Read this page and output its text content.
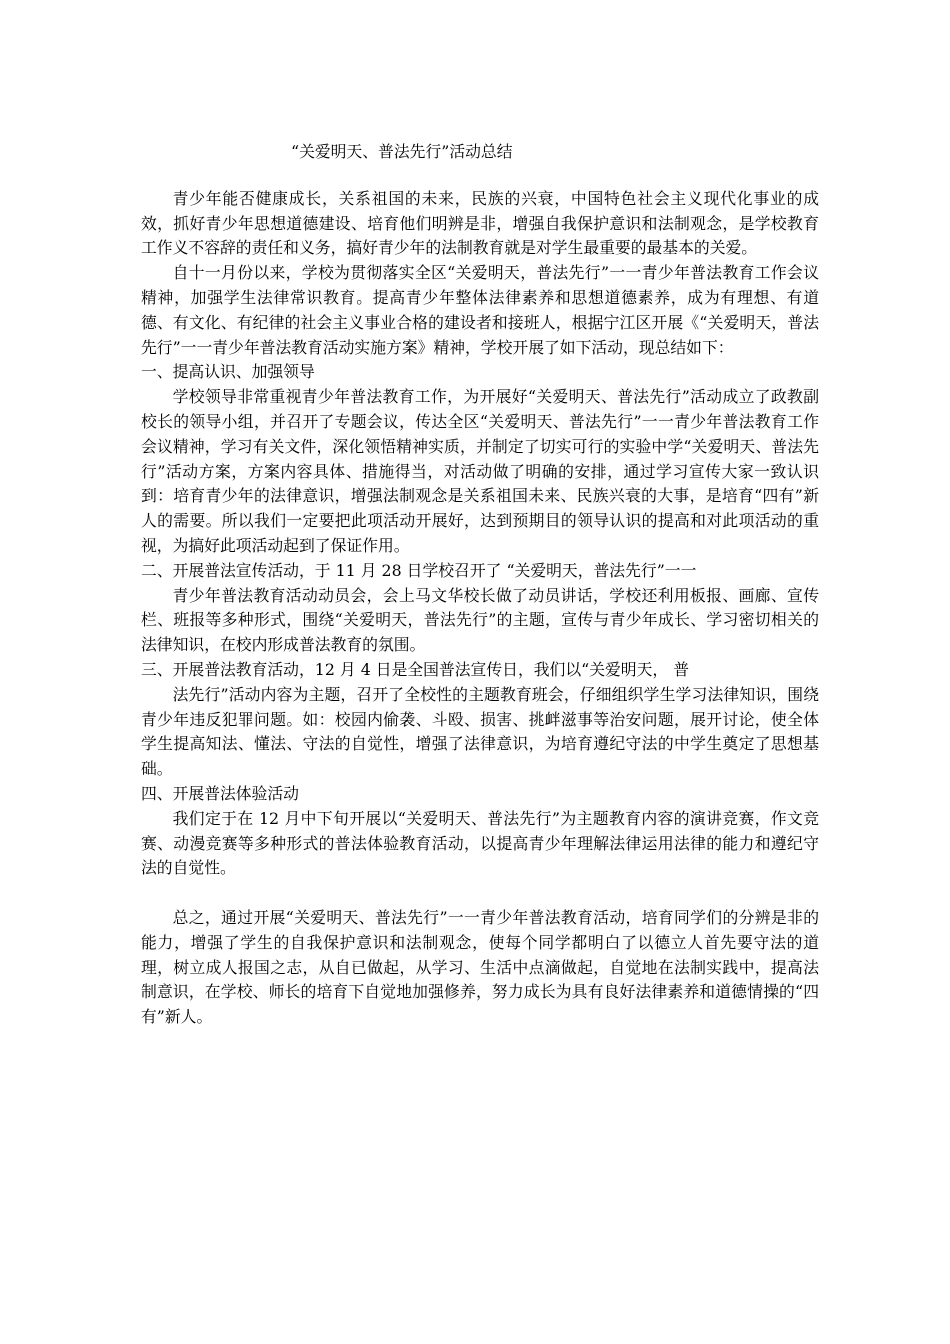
“关爱明天、普法先行”活动总结

青少年能否健康成长，关系祖国的未来，民族的兴衰，中国特色社会主义现代化事业的成效，抓好青少年思想道德建设、培育他们明辨是非，增强自我保护意识和法制观念，是学校教育工作义不容辞的责任和义务，搞好青少年的法制教育就是对学生最重要的最基本的关爱。

自十一月份以来，学校为贯彻落实全区“关爱明天，普法先行”一一青少年普法教育工作会议精神，加强学生法律常识教育。提高青少年整体法律素养和思想道德素养，成为有理想、有道德、有文化、有纪律的社会主义事业合格的建设者和接班人，根据宁江区开展《“关爱明天，普法先行”一一青少年普法教育活动实施方案》精神，学校开展了如下活动，现总结如下：

一、提高认识、加强领导

学校领导非常重视青少年普法教育工作，为开展好“关爱明天、普法先行”活动成立了政教副校长的领导小组，并召开了专题会议，传达全区“关爱明天、普法先行”一一青少年普法教育工作会议精神，学习有关文件，深化领悟精神实质，并制定了切实可行的实验中学“关爱明天、普法先行”活动方案，方案内容具体、措施得当，对活动做了明确的安排，通过学习宣传大家一致认识到：培育青少年的法律意识，增强法制观念是关系祖国未来、民族兴衰的大事，是培育“四有”新人的需要。所以我们一定要把此项活动开展好，达到预期目的领导认识的提高和对此项活动的重视，为搞好此项活动起到了保证作用。

二、开展普法宣传活动，于 11 月 28 日学校召开了 “关爱明天，普法先行”一一

青少年普法教育活动动员会，会上马文华校长做了动员讲话，学校还利用板报、画廊、宣传栏、班报等多种形式，围绕“关爱明天，普法先行”的主题，宣传与青少年成长、学习密切相关的法律知识，在校内形成普法教育的氛围。

三、开展普法教育活动，12 月 4 日是全国普法宣传日，我们以“关爱明天， 普

法先行”活动内容为主题，召开了全校性的主题教育班会，仔细组织学生学习法律知识，围绕青少年违反犯罪问题。如：校园内偷袭、斗殴、损害、挑衅滋事等治安问题，展开讨论，使全体学生提高知法、懂法、守法的自觉性，增强了法律意识，为培育遵纪守法的中学生奠定了思想基础。

四、开展普法体验活动

我们定于在 12 月中下旬开展以“关爱明天、普法先行”为主题教育内容的演讲竞赛，作文竞赛、动漫竞赛等多种形式的普法体验教育活动，以提高青少年理解法律运用法律的能力和遵纪守法的自觉性。

总之，通过开展“关爱明天、普法先行”一一青少年普法教育活动，培育同学们的分辨是非的能力，增强了学生的自我保护意识和法制观念，使每个同学都明白了以德立人首先要守法的道理，树立成人报国之志，从自已做起，从学习、生活中点滴做起，自觉地在法制实践中，提高法制意识，在学校、师长的培育下自觉地加强修养，努力成长为具有良好法律素养和道德情操的“四有”新人。
